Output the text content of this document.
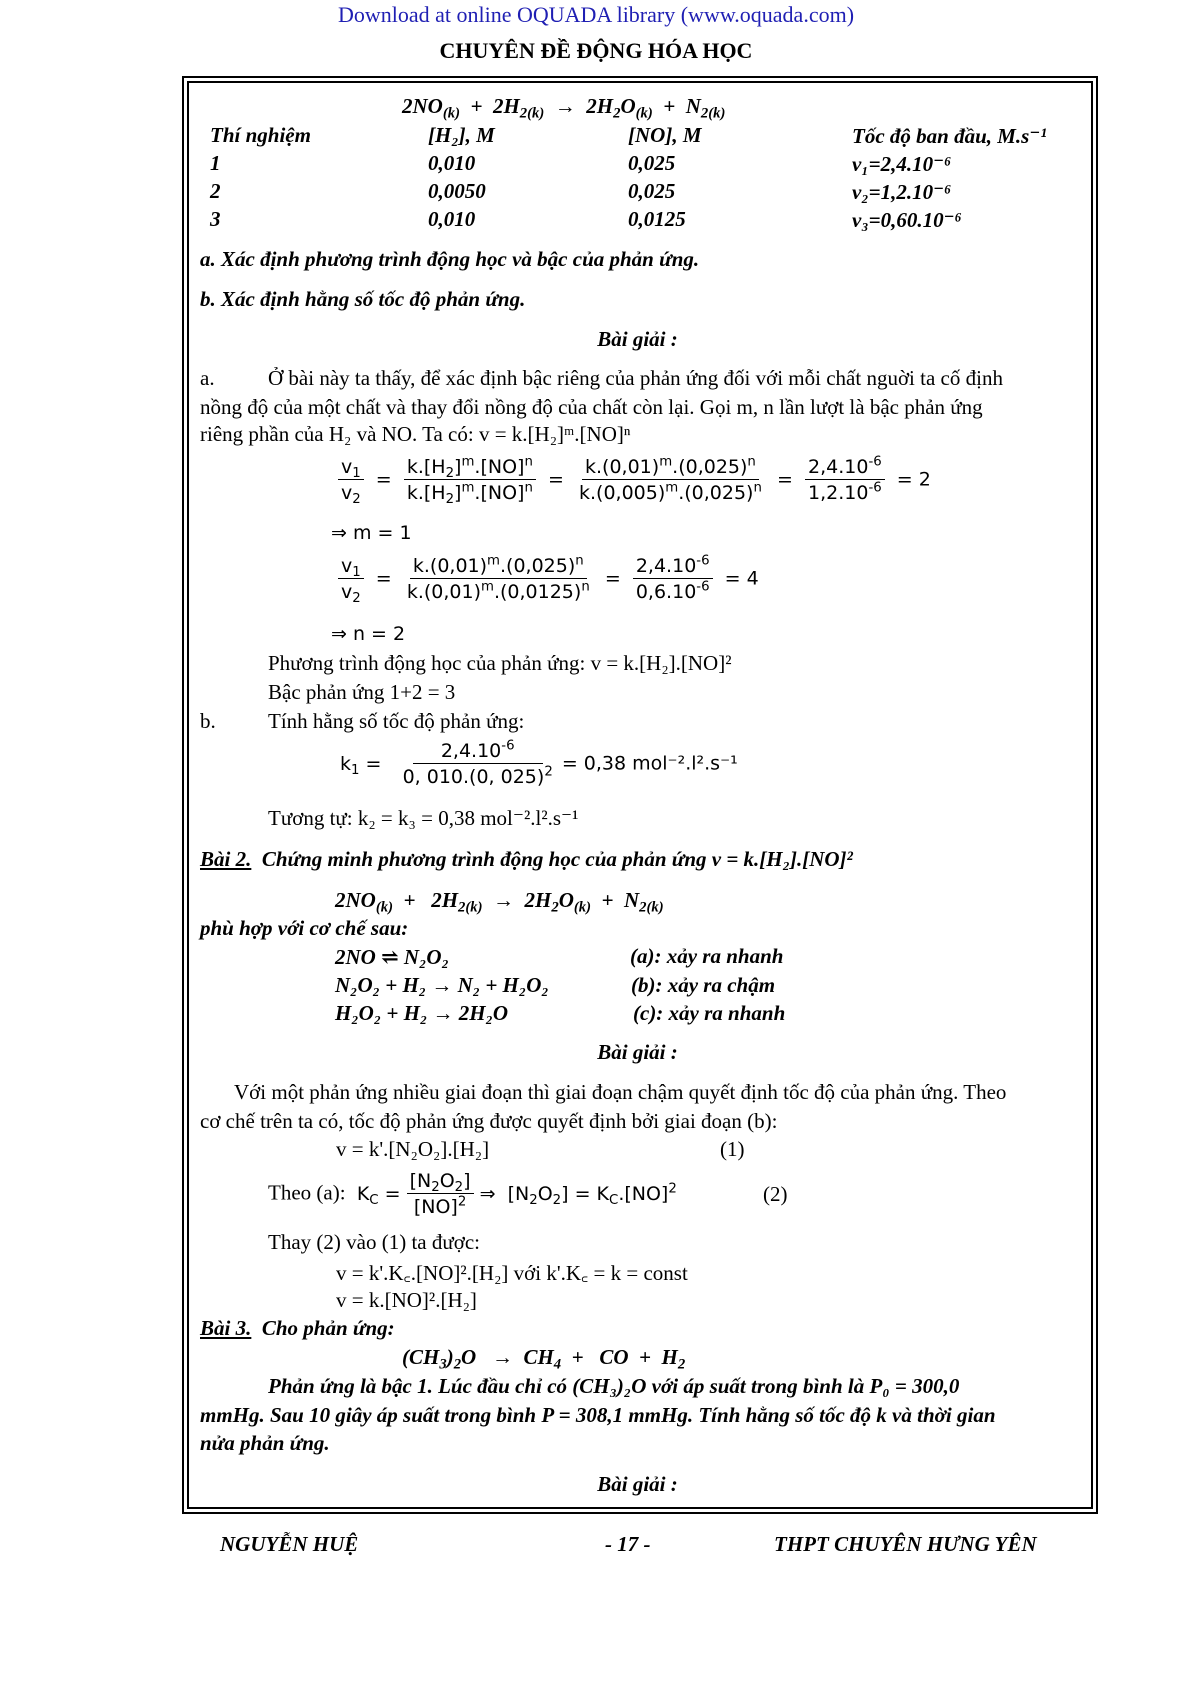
Download at online OQUADA library (www.oquada.com)
CHUYÊN ĐỀ ĐỘNG HÓA HỌC
$2NO_{(k)} + 2H_{2(k)} \to 2H_2O_{(k)} + N_{2(k)}$
Thí nghiệm	[H₂], M	[NO], M	Tốc độ ban đầu, M.s⁻¹
1	0,010	0,025	v₁=2,4.10⁻⁶
2	0,0050	0,025	v₂=1,2.10⁻⁶
3	0,010	0,0125	v₃=0,60.10⁻⁶
a. Xác định phương trình động học và bậc của phản ứng.
b. Xác định hằng số tốc độ phản ứng.
Bài giải :
a.	Ở bài này ta thấy, để xác định bậc riêng của phản ứng đối với mỗi chất nguời ta cố định
nồng độ của một chất và thay đổi nồng độ của chất còn lại. Gọi m, n lần lượt là bậc phản ứng
riêng phần của H₂ và NO. Ta có: v = k.[H₂]ᵐ.[NO]ⁿ
$\frac{v_1}{v_2} = \frac{k.[H_2]^m.[NO]^n}{k.[H_2]^m.[NO]^n} = \frac{k.(0,01)^m.(0,025)^n}{k.(0,005)^m.(0,025)^n} = \frac{2,4.10^{-6}}{1,2.10^{-6}} = 2$
⇒ m = 1
$\frac{v_1}{v_2} = \frac{k.(0,01)^m.(0,025)^n}{k.(0,01)^m.(0,0125)^n} = \frac{2,4.10^{-6}}{0,6.10^{-6}} = 4$
⇒ n = 2
Phương trình động học của phản ứng: v = k.[H₂].[NO]²
Bậc phản ứng 1+2 = 3
b. Tính hằng số tốc độ phản ứng:
$k_1 = \frac{2,4.10^{-6}}{0, 010.(0, 025)^2} = 0,38$ mol⁻².l².s⁻¹
Tương tự: k₂ = k₃ = 0,38 mol⁻².l².s⁻¹
Bài 2. Chứng minh phương trình động học của phản ứng v = k.[H₂].[NO]²
$2NO_{(k)} + 2H_{2(k)} \to 2H_2O_{(k)} + N_{2(k)}$
phù hợp với cơ chế sau:
2NO ⇌ N₂O₂	(a): xảy ra nhanh
N₂O₂ + H₂ → N₂ + H₂O₂	(b): xảy ra chậm
H₂O₂ + H₂ → 2H₂O	(c): xảy ra nhanh
Bài giải :
Với một phản ứng nhiều giai đoạn thì giai đoạn chậm quyết định tốc độ của phản ứng. Theo
cơ chế trên ta có, tốc độ phản ứng được quyết định bởi giai đoạn (b):
v = k'.[N₂O₂].[H₂]	(1)
Theo (a):  $K_C = \frac{[N_2O_2]}{[NO]^2}$ ⇒  $[N_2O_2] = K_C.[NO]^2$	(2)
Thay (2) vào (1) ta được:
v = k'.K꜀.[NO]².[H₂] với k'.K꜀ = k = const
v = k.[NO]².[H₂]
Bài 3. Cho phản ứng:
$(CH_3)_2O \to CH_4$  +   CO  +  $H_2$
Phản ứng là bậc 1. Lúc đầu chỉ có (CH₃)₂O với áp suất trong bình là P₀ = 300,0
mmHg. Sau 10 giây áp suất trong bình P = 308,1 mmHg. Tính hằng số tốc độ k và thời gian
nửa phản ứng.
Bài giải :
NGUYỄN HUỆ	- 17 -	THPT CHUYÊN HƯNG YÊN
